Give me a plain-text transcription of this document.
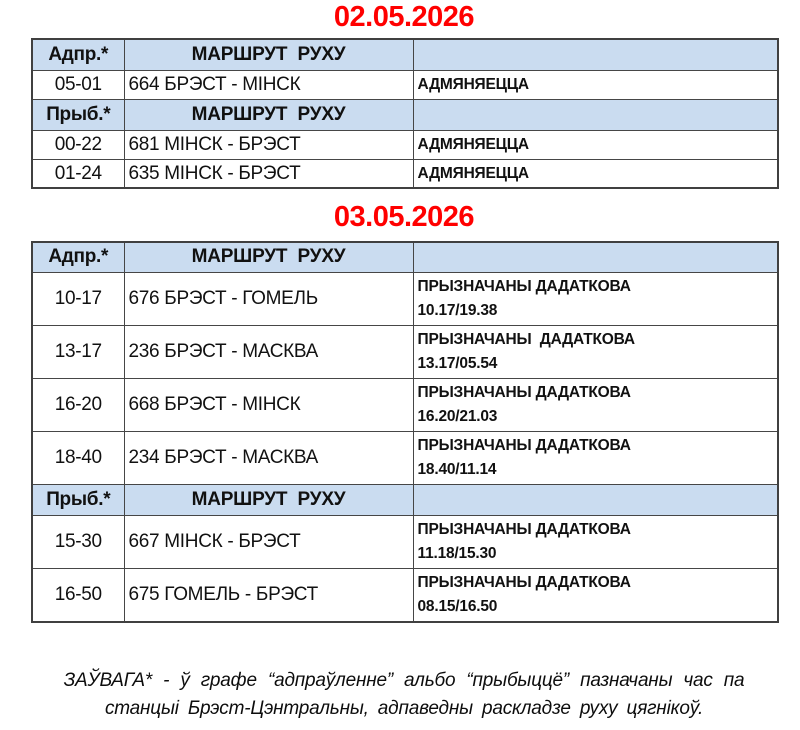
02.05.2026
Адпр.*	МАРШРУТ  РУХУ	
05-01	664 БРЭСТ - МІНСК	АДМЯНЯЕЦЦА
Прыб.*	МАРШРУТ  РУХУ	
00-22	681 МІНСК - БРЭСТ	АДМЯНЯЕЦЦА
01-24	635 МІНСК - БРЭСТ	АДМЯНЯЕЦЦА
03.05.2026
Адпр.*	МАРШРУТ  РУХУ	
10-17	676 БРЭСТ - ГОМЕЛЬ	ПРЫЗНАЧАНЫ ДАДАТКОВА
10.17/19.38

13-17	236 БРЭСТ - МАСКВА	ПРЫЗНАЧАНЫ  ДАДАТКОВА
13.17/05.54

16-20	668 БРЭСТ - МІНСК	ПРЫЗНАЧАНЫ ДАДАТКОВА
16.20/21.03

18-40	234 БРЭСТ - МАСКВА	ПРЫЗНАЧАНЫ ДАДАТКОВА
18.40/11.14

Прыб.*	МАРШРУТ  РУХУ	
15-30	667 МІНСК - БРЭСТ	ПРЫЗНАЧАНЫ ДАДАТКОВА
11.18/15.30

16-50	675 ГОМЕЛЬ - БРЭСТ	ПРЫЗНАЧАНЫ ДАДАТКОВА
08.15/16.50
ЗАЎВАГА* - ў графе “адпраўленне” альбо “прыбыццё” пазначаны час па
станцыі Брэст-Цэнтральны, адпаведны раскладзе руху цягнікоў.
